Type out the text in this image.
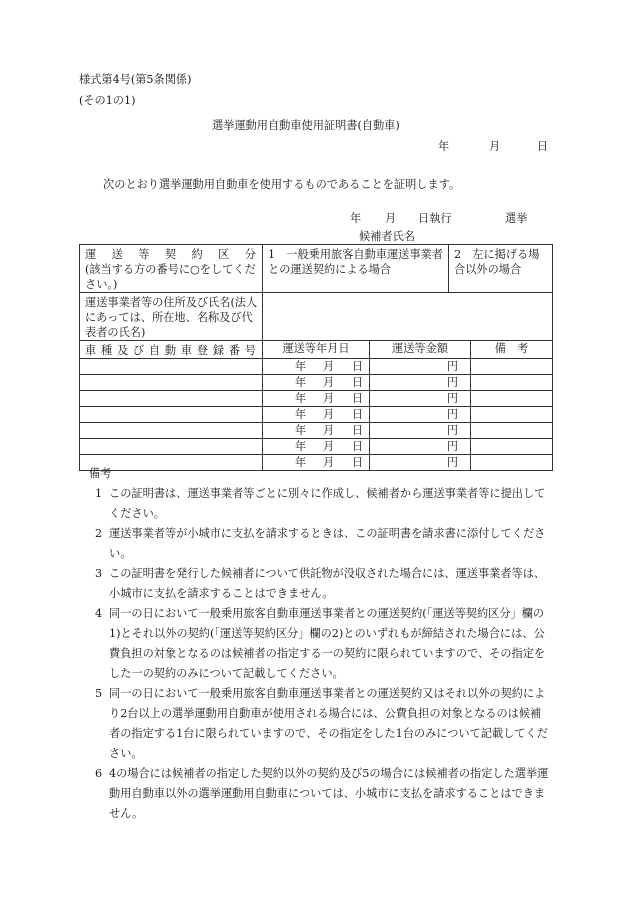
様式第4号(第5条関係)
(その1の1)
選挙運動用自動車使用証明書(自動車)
年	月	日
次のとおり選挙運動用自動車を使用するものであることを証明します。
年 月 日執行	選挙
候補者氏名
運送等契約区分
(該当する方の番号に○をしてください。)	1　一般乗用旅客自動車運送事業者との運送契約による場合		2　左に掲げる場合以外の場合	

運送事業者等の住所及び氏名(法人にあっては、所在地、名称及び代表者の氏名)				

車種及び自動車登録番号	運送等年月日	運送等金額		備　考

	年 月 日	円		

	年 月 日	円		

	年 月 日	円		

	年 月 日	円		

	年 月 日	円		

	年 月 日	円		

	年 月 日	円		
備考
1 この証明書は、運送事業者等ごとに別々に作成し、候補者から運送事業者等に提出してください。
2 運送事業者等が小城市に支払を請求するときは、この証明書を請求書に添付してください。
3 この証明書を発行した候補者について供託物が没収された場合には、運送事業者等は、小城市に支払を請求することはできません。
4 同一の日において一般乗用旅客自動車運送事業者との運送契約(「運送等契約区分」欄の1)とそれ以外の契約(「運送等契約区分」欄の2)とのいずれもが締結された場合には、公費負担の対象となるのは候補者の指定する一の契約に限られていますので、その指定をした一の契約のみについて記載してください。
5 同一の日において一般乗用旅客自動車運送事業者との運送契約又はそれ以外の契約により2台以上の選挙運動用自動車が使用される場合には、公費負担の対象となるのは候補者の指定する1台に限られていますので、その指定をした1台のみについて記載してください。
6 4の場合には候補者の指定した契約以外の契約及び5の場合には候補者の指定した選挙運動用自動車以外の選挙運動用自動車については、小城市に支払を請求することはできません。
